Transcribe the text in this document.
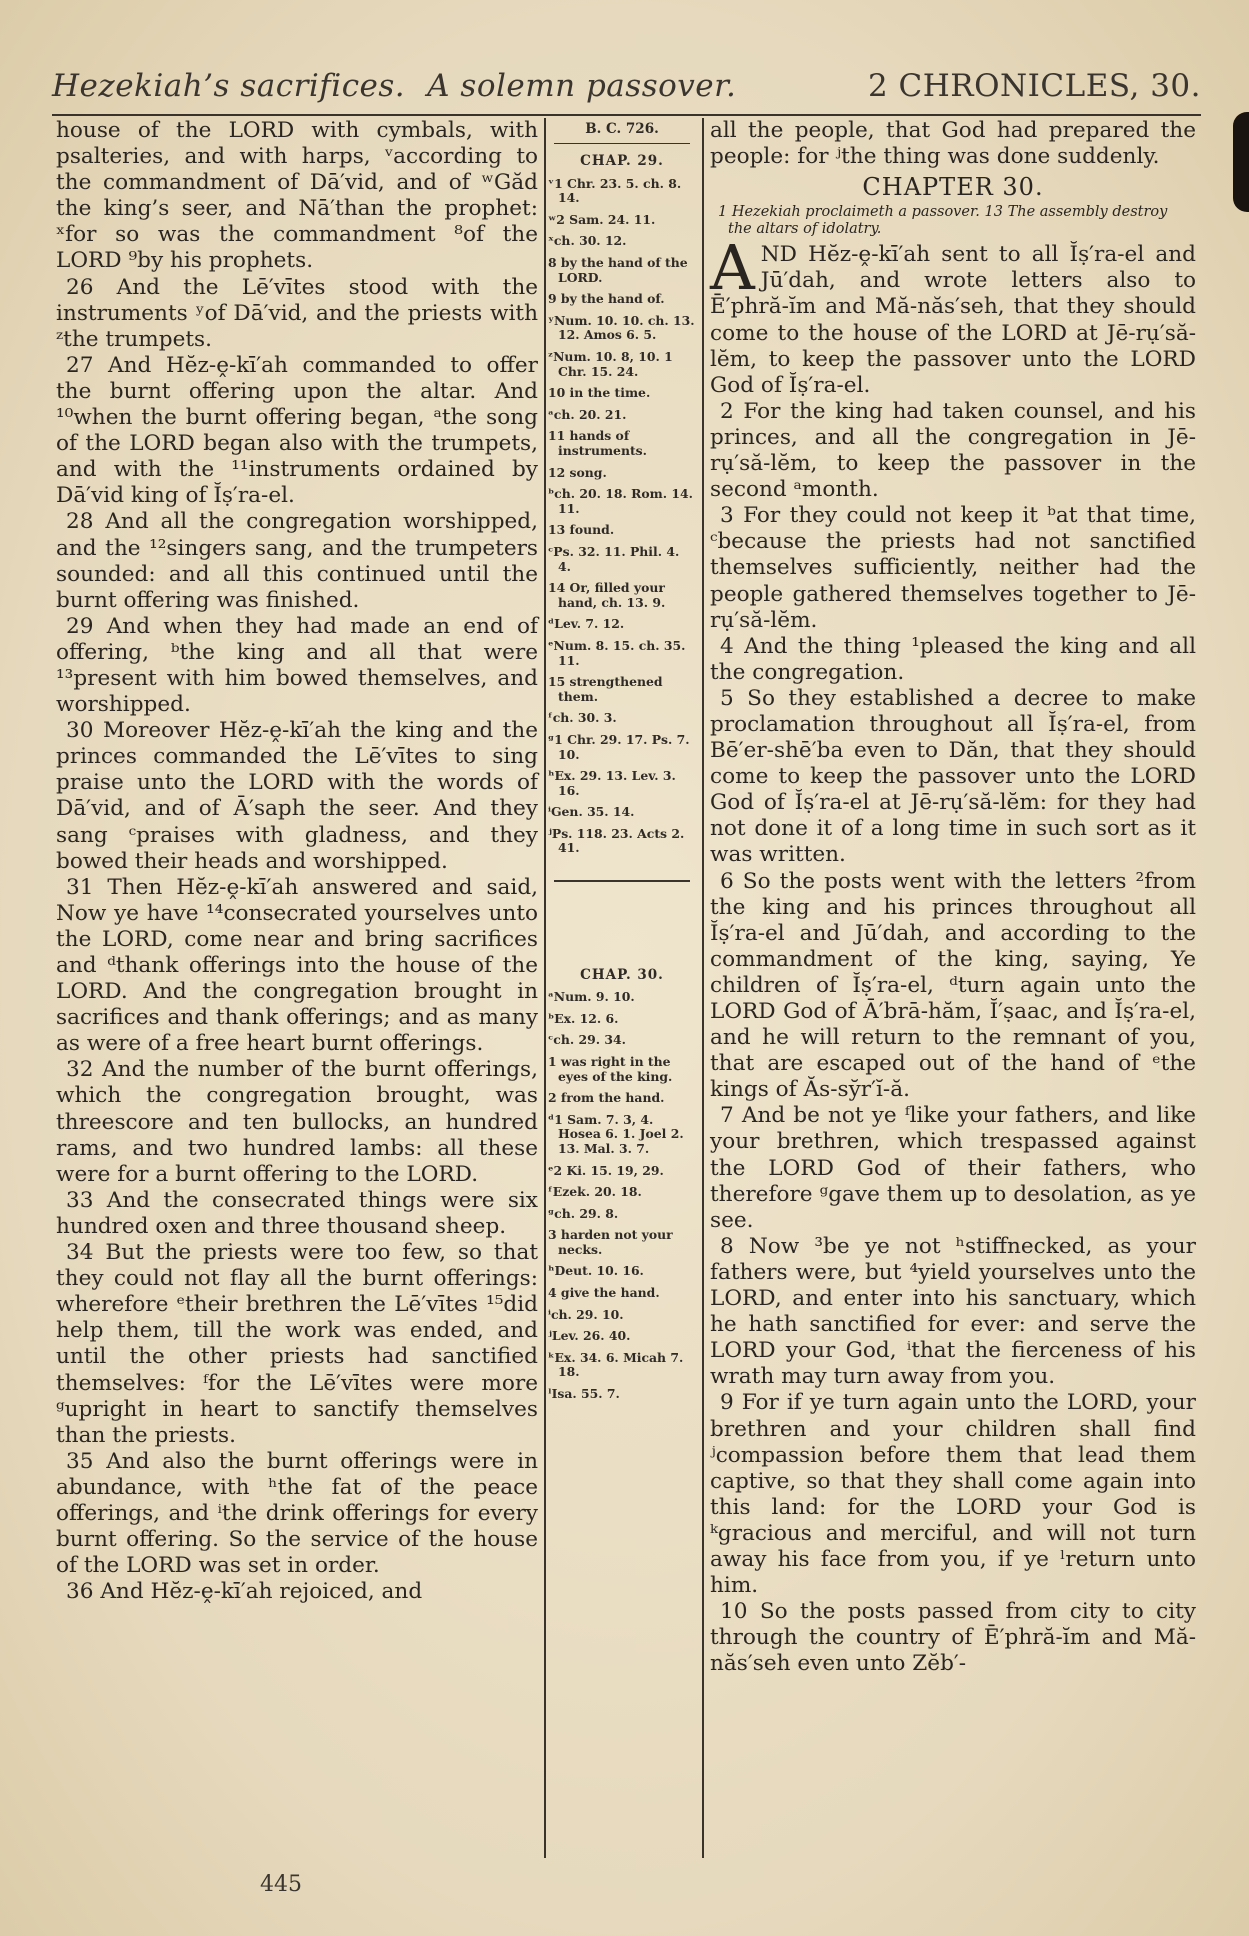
Hezekiah’s sacrifices. A solemn passover.	2 CHRONICLES, 30.

house of the LORD with cymbals, with psalteries, and with harps, ᵛaccording to the commandment of Dā′vid, and of ʷGăd the king’s seer, and Nā′than the prophet: ˣfor so was the commandment ⁸of the LORD ⁹by his prophets.

26 And the Lē′vītes stood with the instruments ʸof Dā′vid, and the priests with ᶻthe trumpets.

27 And Hĕz-ḙ-kī′ah commanded to offer the burnt offering upon the altar. And ¹⁰when the burnt offering began, ᵃthe song of the LORD began also with the trumpets, and with the ¹¹instruments ordained by Dā′vid king of Ĭṣ′ra-el.

28 And all the congregation worshipped, and the ¹²singers sang, and the trumpeters sounded: and all this continued until the burnt offering was finished.

29 And when they had made an end of offering, ᵇthe king and all that were ¹³present with him bowed themselves, and worshipped.

30 Moreover Hĕz-ḙ-kī′ah the king and the princes commanded the Lē′vītes to sing praise unto the LORD with the words of Dā′vid, and of Ā′saph the seer. And they sang ᶜpraises with gladness, and they bowed their heads and worshipped.

31 Then Hĕz-ḙ-kī′ah answered and said, Now ye have ¹⁴consecrated yourselves unto the LORD, come near and bring sacrifices and ᵈthank offerings into the house of the LORD. And the congregation brought in sacrifices and thank offerings; and as many as were of a free heart burnt offerings.

32 And the number of the burnt offerings, which the congregation brought, was threescore and ten bullocks, an hundred rams, and two hundred lambs: all these were for a burnt offering to the LORD.

33 And the consecrated things were six hundred oxen and three thousand sheep.

34 But the priests were too few, so that they could not flay all the burnt offerings: wherefore ᵉtheir brethren the Lē′vītes ¹⁵did help them, till the work was ended, and until the other priests had sanctified themselves: ᶠfor the Lē′vītes were more ᵍupright in heart to sanctify themselves than the priests.

35 And also the burnt offerings were in abundance, with ʰthe fat of the peace offerings, and ⁱthe drink offerings for every burnt offering. So the service of the house of the LORD was set in order.

36 And Hĕz-ḙ-kī′ah rejoiced, and

B. C. 726.
CHAP. 29.
ᵛ1 Chr. 23. 5. ch. 8. 14.
ʷ2 Sam. 24. 11.
ˣch. 30. 12.
8 by the hand of the LORD.
9 by the hand of.
ʸNum. 10. 10. ch. 13. 12. Amos 6. 5.
ᶻNum. 10. 8, 10. 1 Chr. 15. 24.
10 in the time.
ᵃch. 20. 21.
11 hands of instruments.
12 song.
ᵇch. 20. 18. Rom. 14. 11.
13 found.
ᶜPs. 32. 11. Phil. 4. 4.
14 Or, filled your hand, ch. 13. 9.
ᵈLev. 7. 12.
ᵉNum. 8. 15. ch. 35. 11.
15 strengthened them.
ᶠch. 30. 3.
ᵍ1 Chr. 29. 17. Ps. 7. 10.
ʰEx. 29. 13. Lev. 3. 16.
ⁱGen. 35. 14.
ʲPs. 118. 23. Acts 2. 41.
CHAP. 30.
ᵃNum. 9. 10.
ᵇEx. 12. 6.
ᶜch. 29. 34.
1 was right in the eyes of the king.
2 from the hand.
ᵈ1 Sam. 7. 3, 4. Hosea 6. 1. Joel 2. 13. Mal. 3. 7.
ᵉ2 Ki. 15. 19, 29.
ᶠEzek. 20. 18.
ᵍch. 29. 8.
3 harden not your necks.
ʰDeut. 10. 16.
4 give the hand.
ⁱch. 29. 10.
ʲLev. 26. 40.
ᵏEx. 34. 6. Micah 7. 18.
ˡIsa. 55. 7.

all the people, that God had prepared the people: for ʲthe thing was done suddenly.

CHAPTER 30.
1 Hezekiah proclaimeth a passover. 13 The assembly destroy the altars of idolatry.

AND Hĕz-ḙ-kī′ah sent to all Ĭṣ′ra-el and Jū′dah, and wrote letters also to Ē′phră-ĭm and Mă-năs′seh, that they should come to the house of the LORD at Jē-rụ′să-lĕm, to keep the passover unto the LORD God of Ĭṣ′ra-el.

2 For the king had taken counsel, and his princes, and all the congregation in Jē-rụ′să-lĕm, to keep the passover in the second ᵃmonth.

3 For they could not keep it ᵇat that time, ᶜbecause the priests had not sanctified themselves sufficiently, neither had the people gathered themselves together to Jē-rụ′să-lĕm.

4 And the thing ¹pleased the king and all the congregation.

5 So they established a decree to make proclamation throughout all Ĭṣ′ra-el, from Bē′er-shē′ba even to Dăn, that they should come to keep the passover unto the LORD God of Ĭṣ′ra-el at Jē-rụ′să-lĕm: for they had not done it of a long time in such sort as it was written.

6 So the posts went with the letters ²from the king and his princes throughout all Ĭṣ′ra-el and Jū′dah, and according to the commandment of the king, saying, Ye children of Ĭṣ′ra-el, ᵈturn again unto the LORD God of Ā′brā-hăm, Ĭ′ṣaac, and Ĭṣ′ra-el, and he will return to the remnant of you, that are escaped out of the hand of ᵉthe kings of Ăs-sy̆r′ĭ-ă.

7 And be not ye ᶠlike your fathers, and like your brethren, which trespassed against the LORD God of their fathers, who therefore ᵍgave them up to desolation, as ye see.

8 Now ³be ye not ʰstiffnecked, as your fathers were, but ⁴yield yourselves unto the LORD, and enter into his sanctuary, which he hath sanctified for ever: and serve the LORD your God, ⁱthat the fierceness of his wrath may turn away from you.

9 For if ye turn again unto the LORD, your brethren and your children shall find ʲcompassion before them that lead them captive, so that they shall come again into this land: for the LORD your God is ᵏgracious and merciful, and will not turn away his face from you, if ye ˡreturn unto him.

10 So the posts passed from city to city through the country of Ē′phră-ĭm and Mă-năs′seh even unto Zĕb′-

445
